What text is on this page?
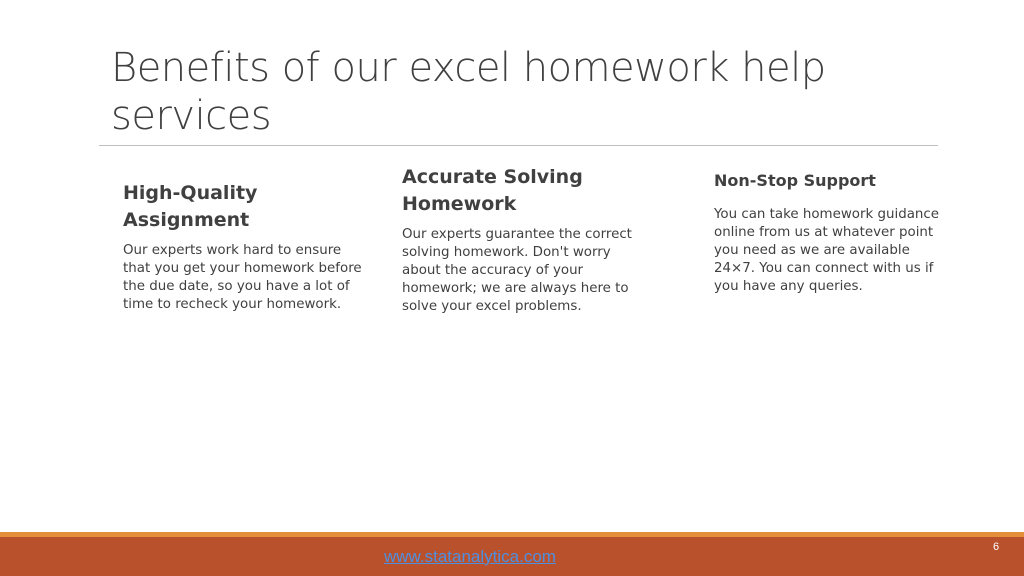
Benefits of our excel homework help services
High-Quality Assignment

Our experts work hard to ensure that you get your homework before the due date, so you have a lot of time to recheck your homework.

Accurate Solving Homework

Our experts guarantee the correct solving homework. Don't worry about the accuracy of your homework; we are always here to solve your excel problems.

Non-Stop Support

You can take homework guidance online from us at whatever point you need as we are available 24×7. You can connect with us if you have any queries.

www.statanalytica.com	6
